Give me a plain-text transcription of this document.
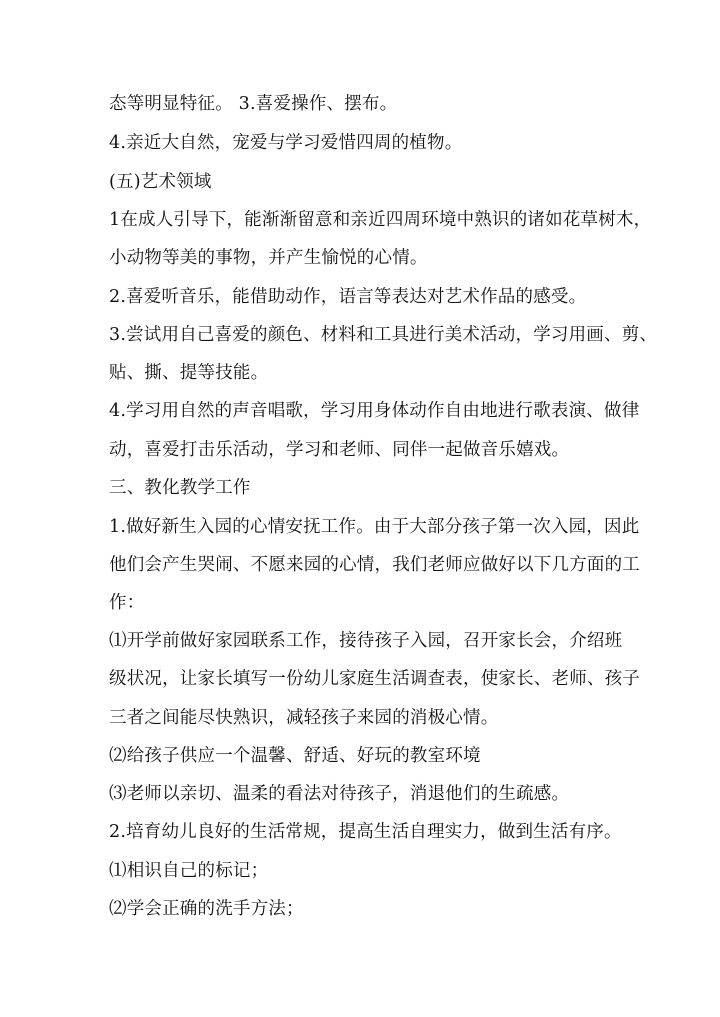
态等明显特征。 3.喜爱操作、摆布。
4.亲近大自然，宠爱与学习爱惜四周的植物。
(五)艺术领域
1在成人引导下，能渐渐留意和亲近四周环境中熟识的诸如花草树木，
小动物等美的事物，并产生愉悦的心情。
2.喜爱听音乐，能借助动作，语言等表达对艺术作品的感受。
3.尝试用自己喜爱的颜色、材料和工具进行美术活动，学习用画、剪、
贴、撕、提等技能。
4.学习用自然的声音唱歌，学习用身体动作自由地进行歌表演、做律
动，喜爱打击乐活动，学习和老师、同伴一起做音乐嬉戏。
三、教化教学工作
1.做好新生入园的心情安抚工作。由于大部分孩子第一次入园，因此
他们会产生哭闹、不愿来园的心情，我们老师应做好以下几方面的工
作：
⑴开学前做好家园联系工作，接待孩子入园，召开家长会，介绍班
级状况，让家长填写一份幼儿家庭生活调查表，使家长、老师、孩子
三者之间能尽快熟识，减轻孩子来园的消极心情。
⑵给孩子供应一个温馨、舒适、好玩的教室环境
⑶老师以亲切、温柔的看法对待孩子，消退他们的生疏感。
2.培育幼儿良好的生活常规，提高生活自理实力，做到生活有序。
⑴相识自己的标记；
⑵学会正确的洗手方法；
